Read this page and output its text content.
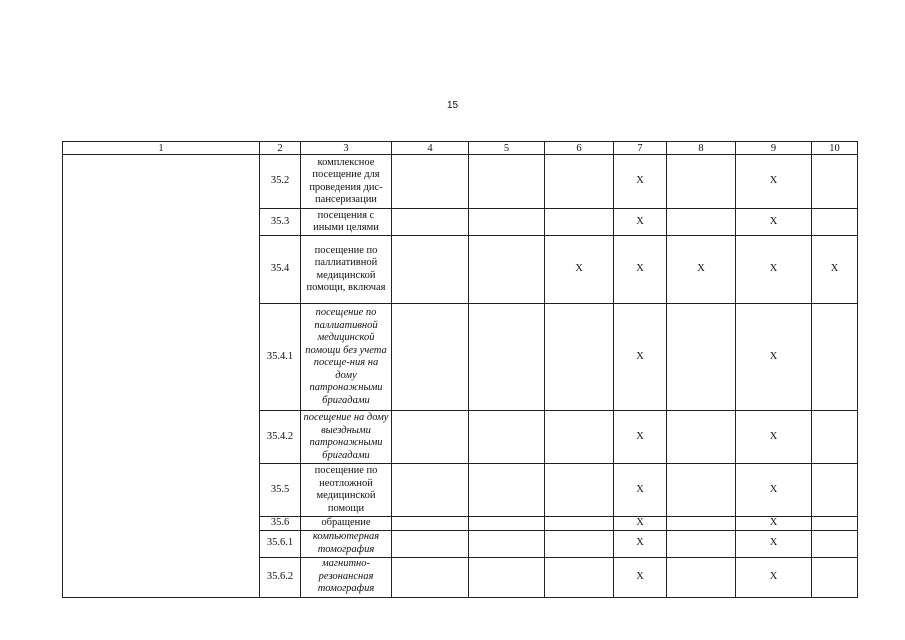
15
1	2	3	4	5	6	7	8	9	10	
	35.2	комплексное посещение для проведения дис-пансеризации				X		X		
	35.3	посещения с иными целями				X		X		
	35.4	посещение по паллиативной медицинской помощи, включая			X	X	X	X	X	
	35.4.1	посещение по паллиативной медицинской помощи без учета посеще-ния на дому патронажными бригадами				X		X		
	35.4.2	посещение на дому выездными патронажными бригадами				X		X		
	35.5	посещение по неотложной медицинской помощи				X		X		
	35.6	обращение				X		X		
	35.6.1	компьютерная томография				X		X		
	35.6.2	магнитно-резонансная томография				X		X		
